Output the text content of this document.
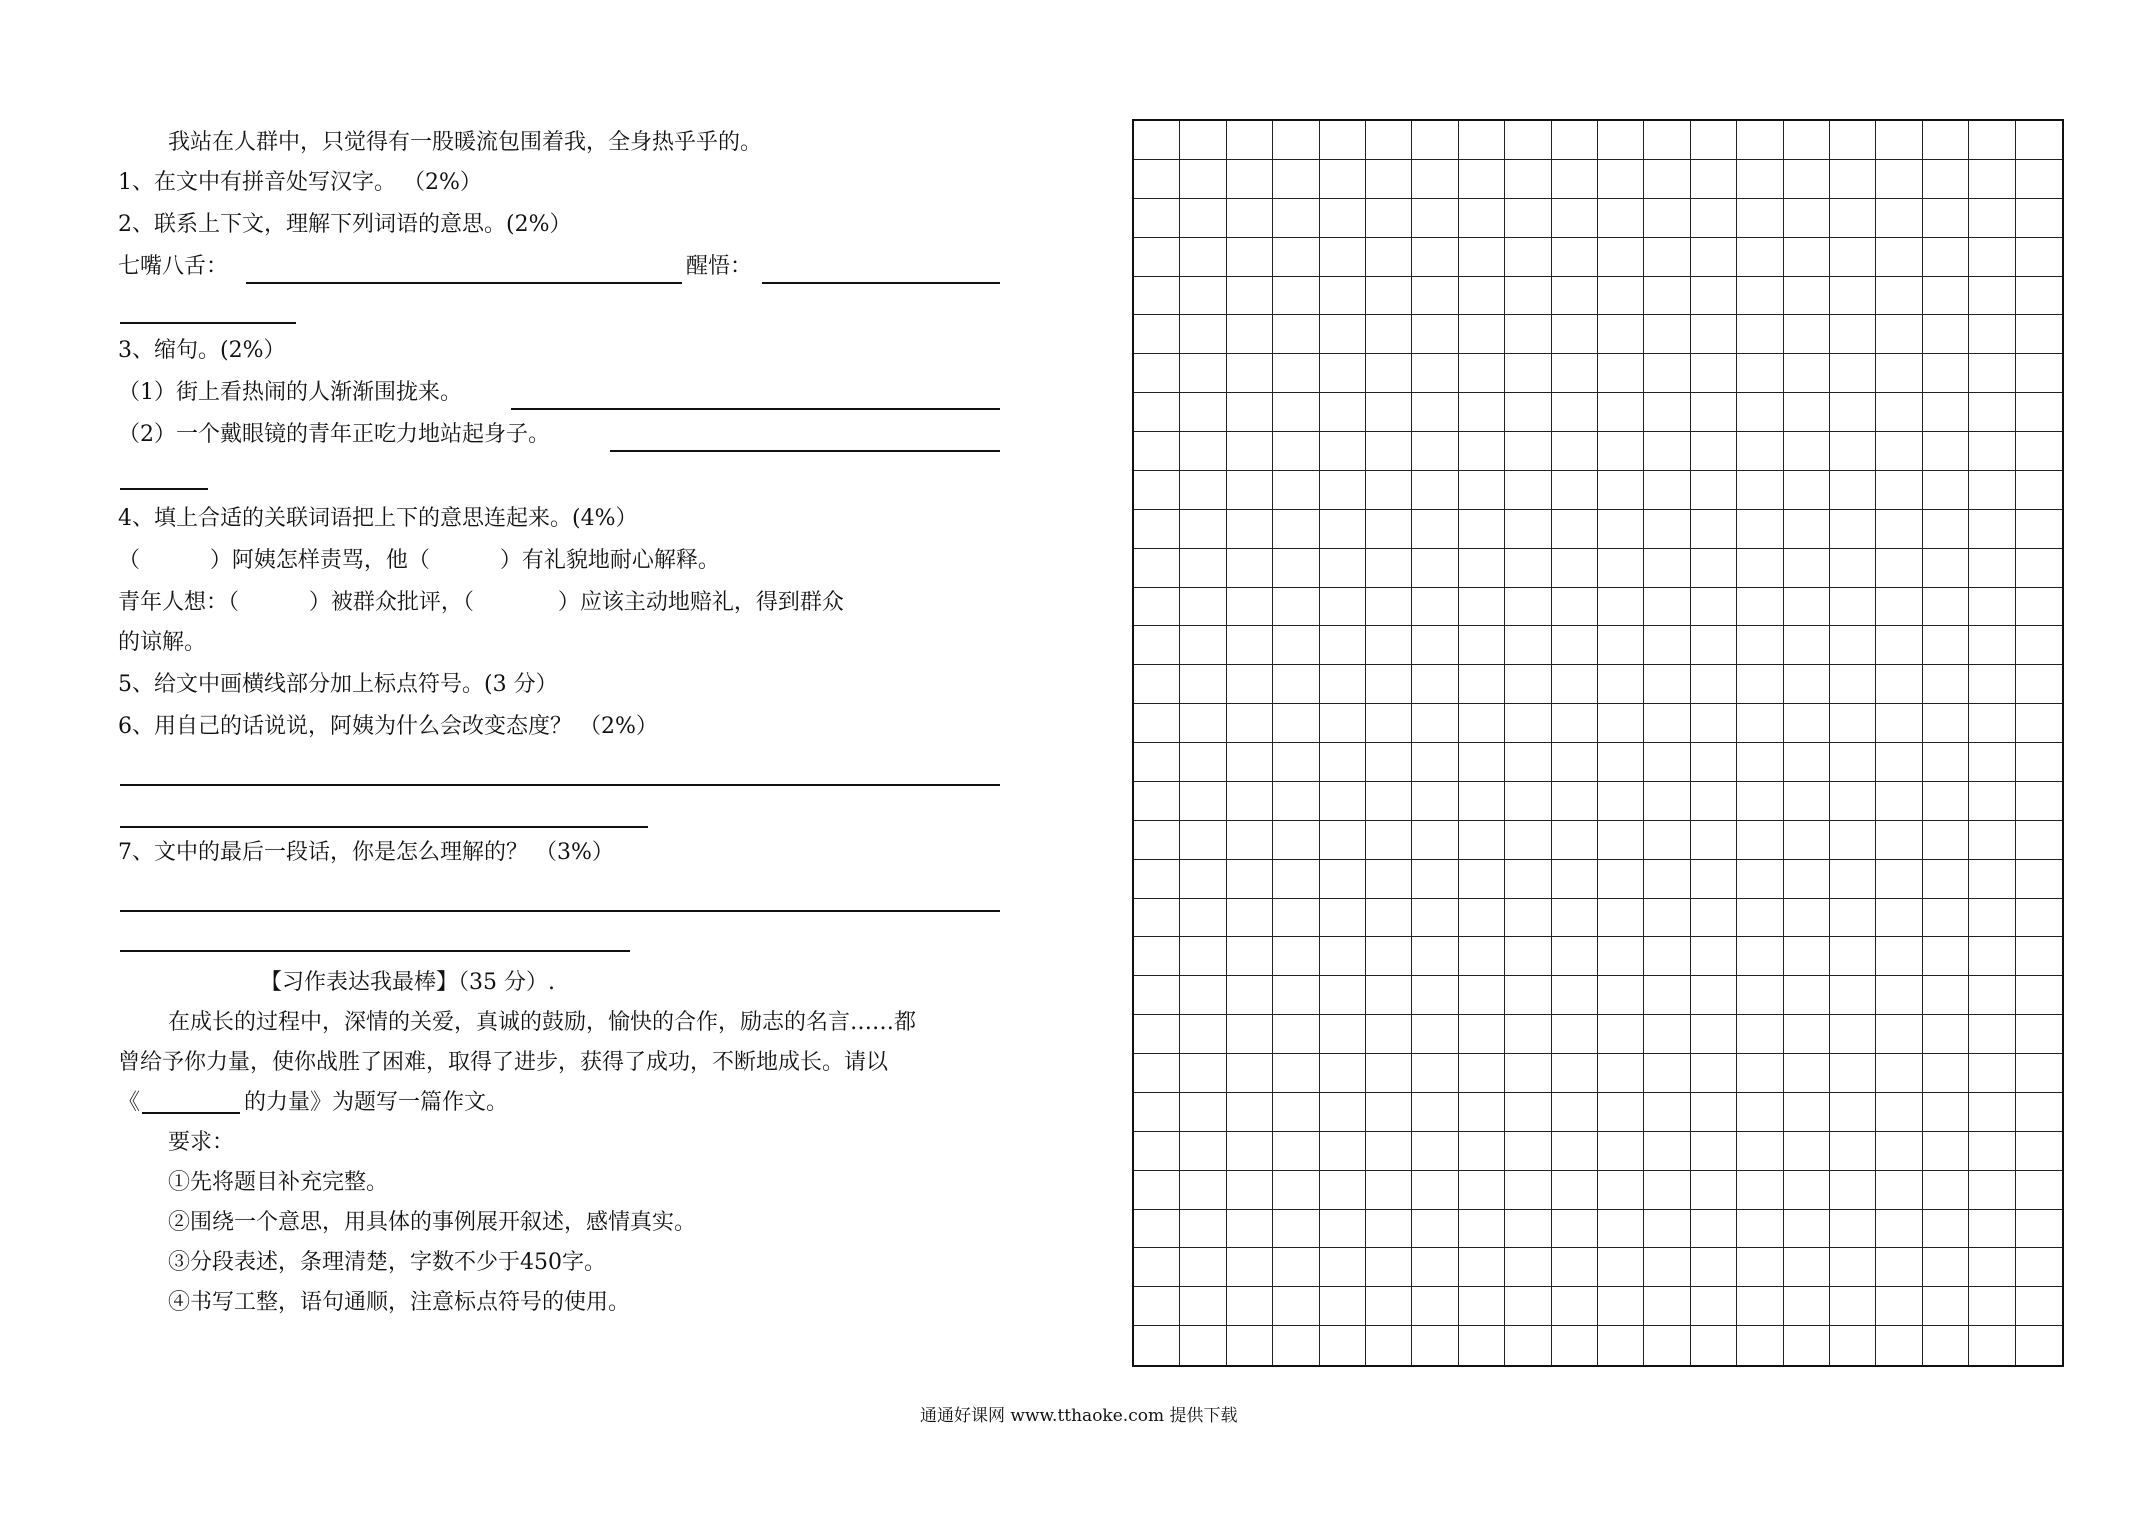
我站在人群中，只觉得有一股暖流包围着我，全身热乎乎的。
1、在文中有拼音处写汉字。 （2%）
2、联系上下文，理解下列词语的意思。(2%）
七嘴八舌：	醒悟：
3、缩句。(2%）
（1）街上看热闹的人渐渐围拢来。
（2）一个戴眼镜的青年正吃力地站起身子。
4、填上合适的关联词语把上下的意思连起来。(4%）
（          ）阿姨怎样责骂，他（          ）有礼貌地耐心解释。
青年人想：（          ）被群众批评，（            ）应该主动地赔礼，得到群众
的谅解。
5、给文中画横线部分加上标点符号。(3 分）
6、用自己的话说说，阿姨为什么会改变态度？ （2%）
7、文中的最后一段话，你是怎么理解的？ （3%）
【习作表达我最棒】（35 分）.
在成长的过程中，深情的关爱，真诚的鼓励，愉快的合作，励志的名言……都
曾给予你力量，使你战胜了困难，取得了进步，获得了成功，不断地成长。请以
《	的力量》为题写一篇作文。
要求：
①先将题目补充完整。
②围绕一个意思，用具体的事例展开叙述，感情真实。
③分段表述，条理清楚，字数不少于450字。
④书写工整，语句通顺，注意标点符号的使用。
通通好课网 www.tthaoke.com 提供下载
